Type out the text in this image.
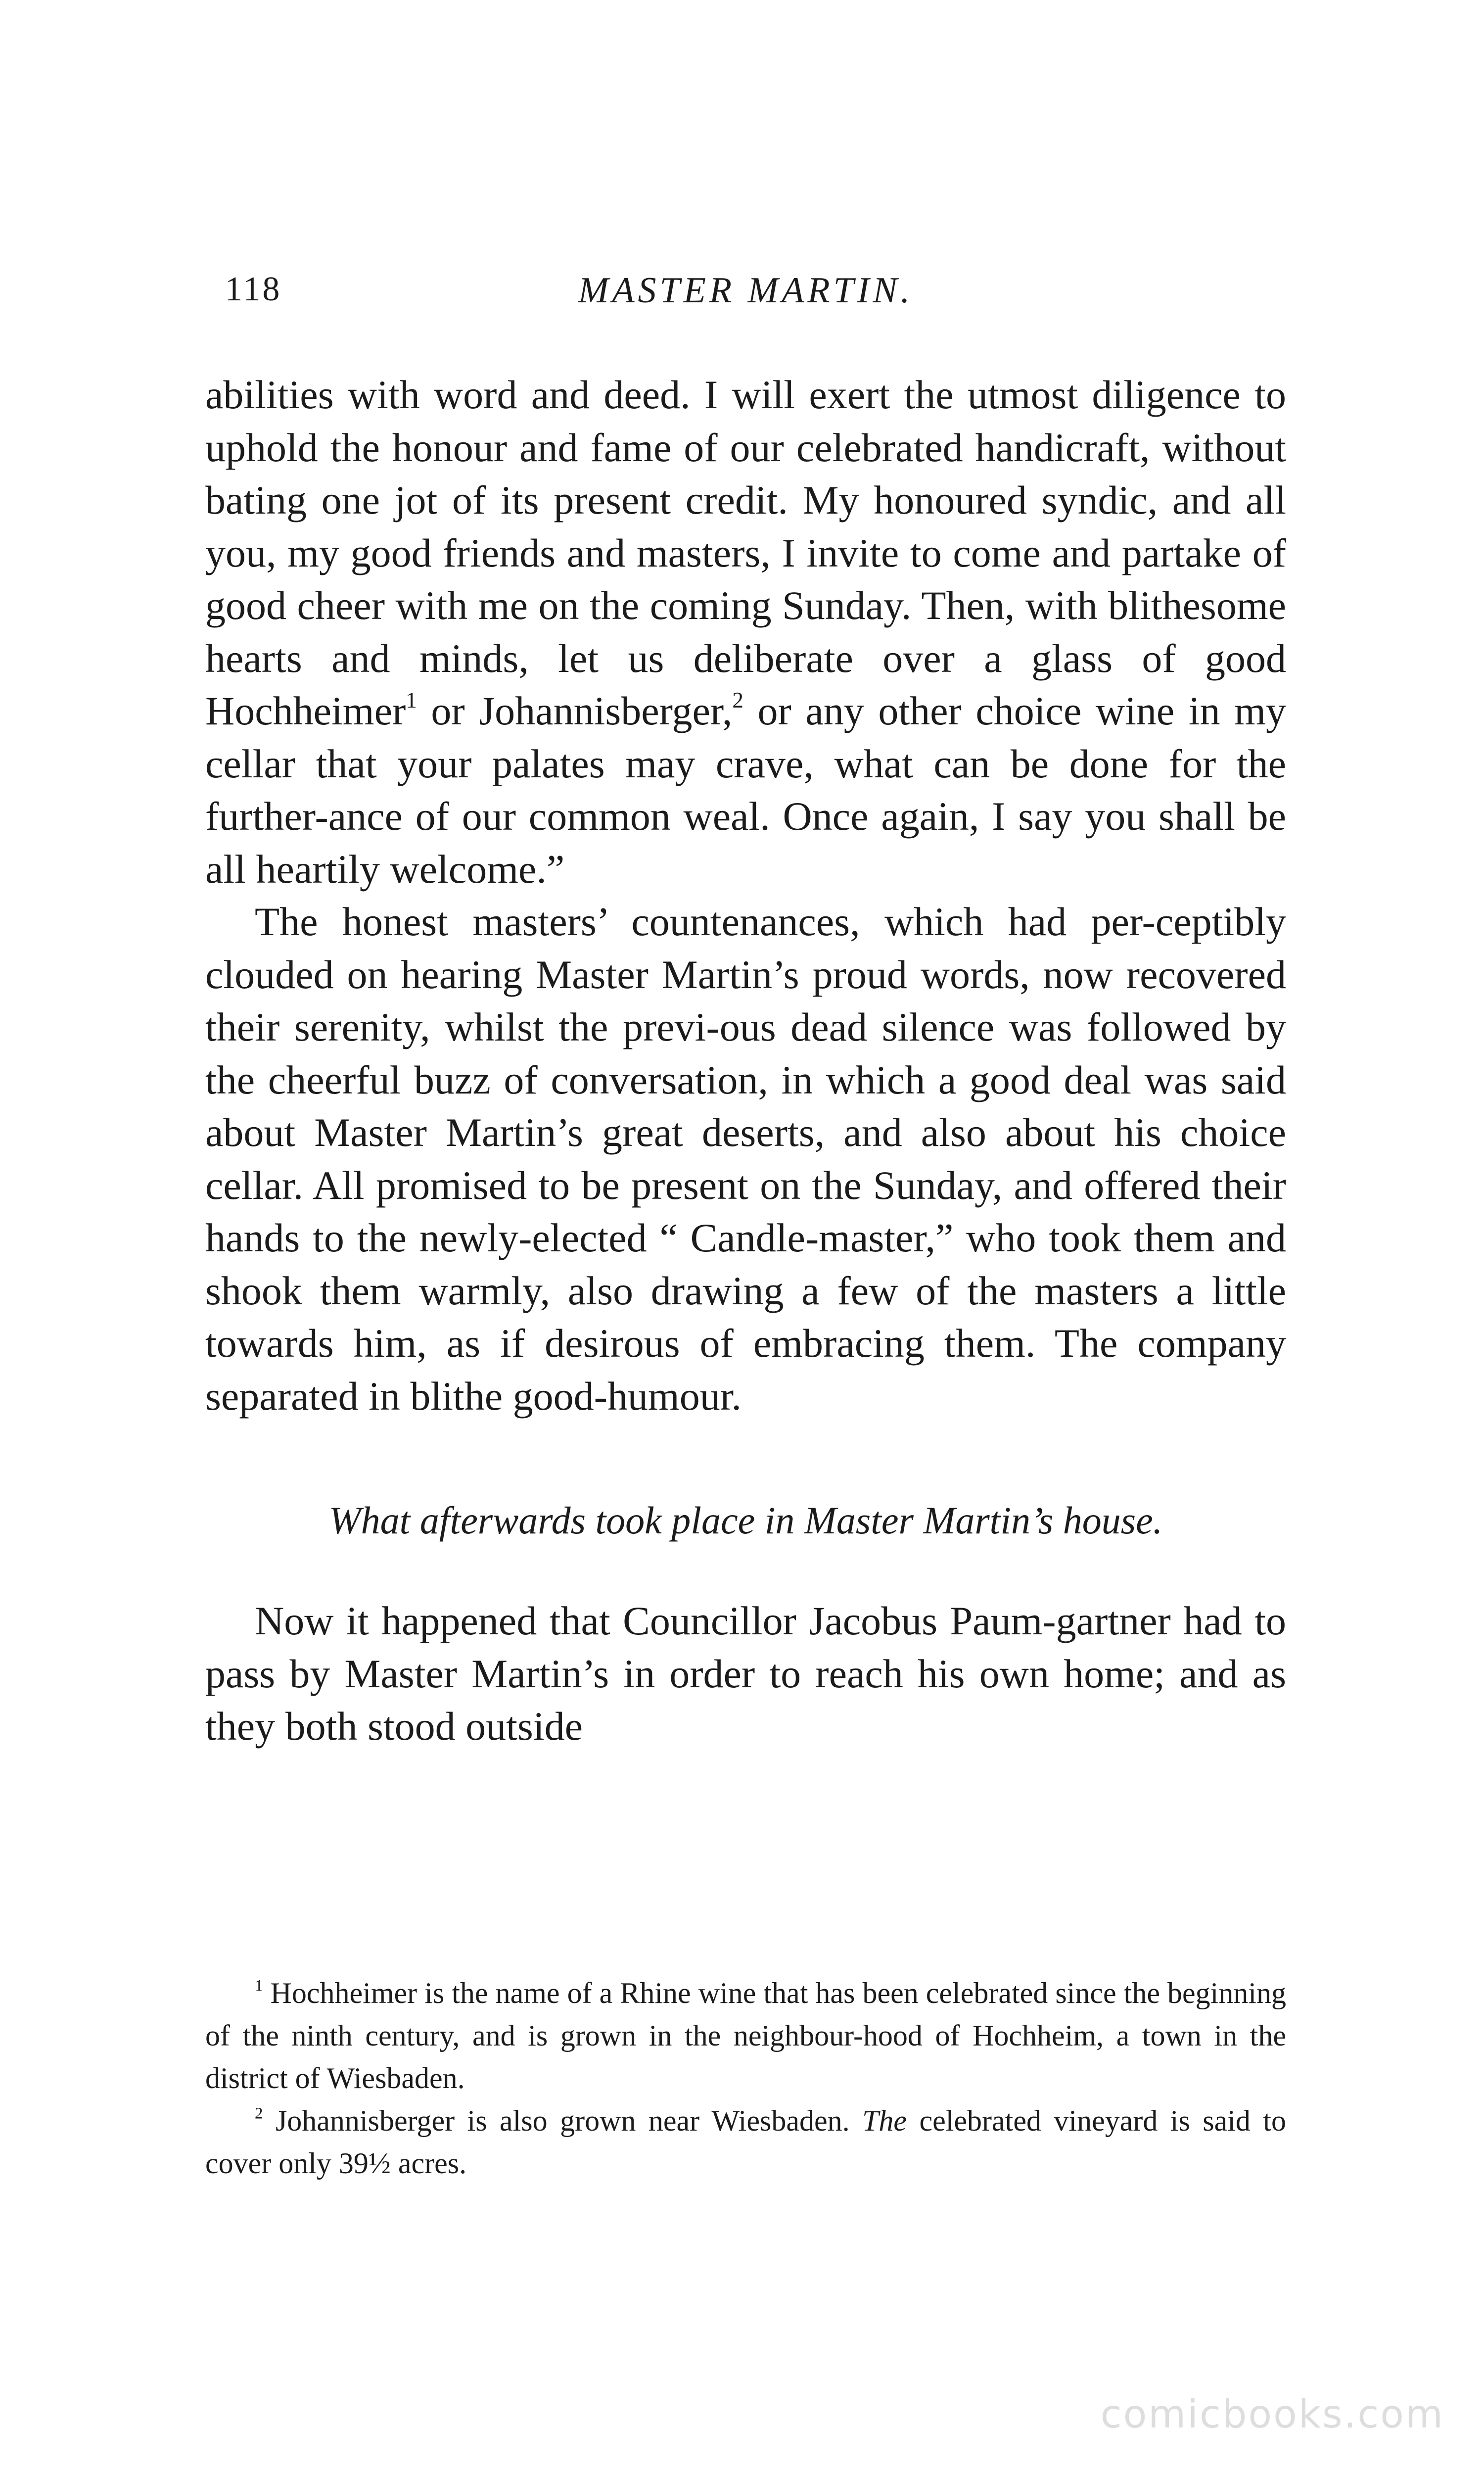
118	MASTER MARTIN.

abilities with word and deed. I will exert the utmost diligence to uphold the honour and fame of our celebrated handicraft, without bating one jot of its present credit. My honoured syndic, and all you, my good friends and masters, I invite to come and partake of good cheer with me on the coming Sunday. Then, with blithesome hearts and minds, let us deliberate over a glass of good Hochheimer$^1$ or Johannisberger,$^2$ or any other choice wine in my cellar that your palates may crave, what can be done for the further-ance of our common weal. Once again, I say you shall be all heartily welcome.”

The honest masters’ countenances, which had per-ceptibly clouded on hearing Master Martin’s proud words, now recovered their serenity, whilst the previ-ous dead silence was followed by the cheerful buzz of conversation, in which a good deal was said about Master Martin’s great deserts, and also about his choice cellar. All promised to be present on the Sunday, and offered their hands to the newly-elected “ Candle-master,” who took them and shook them warmly, also drawing a few of the masters a little towards him, as if desirous of embracing them. The company separated in blithe good-humour.

What afterwards took place in Master Martin’s house.

Now it happened that Councillor Jacobus Paum-gartner had to pass by Master Martin’s in order to reach his own home; and as they both stood outside

$^1$ Hochheimer is the name of a Rhine wine that has been celebrated since the beginning of the ninth century, and is grown in the neighbour-hood of Hochheim, a town in the district of Wiesbaden.

$^2$ Johannisberger is also grown near Wiesbaden. The celebrated vineyard is said to cover only 39½ acres.

comicbooks.com
